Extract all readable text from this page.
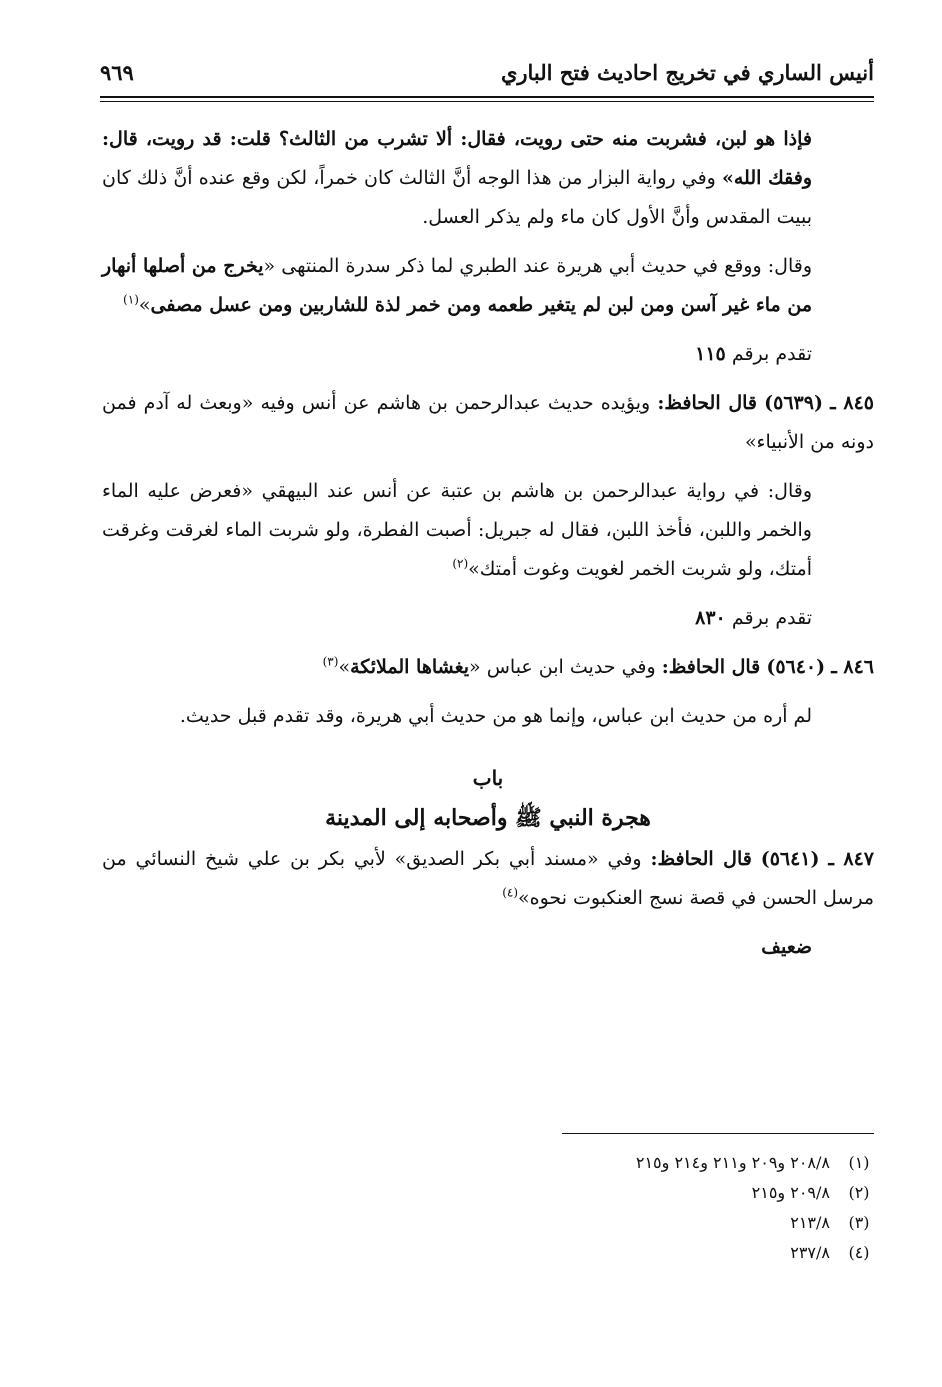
أنيس الساري في تخريج احاديث فتح الباري
٩٦٩

فإذا هو لبن، فشربت منه حتى رويت، فقال: ألا تشرب من الثالث؟ قلت: قد رويت، قال: وفقك الله» وفي رواية البزار من هذا الوجه أنَّ الثالث كان خمراً، لكن وقع عنده أنَّ ذلك كان ببيت المقدس وأنَّ الأول كان ماء ولم يذكر العسل.

وقال: ووقع في حديث أبي هريرة عند الطبري لما ذكر سدرة المنتهى «يخرج من أصلها أنهار من ماء غير آسن ومن لبن لم يتغير طعمه ومن خمر لذة للشاربين ومن عسل مصفى»$^{(١)}$

تقدم برقم ١١٥

٨٤٥ ـ (٥٦٣٩) قال الحافظ: ويؤيده حديث عبدالرحمن بن هاشم عن أنس وفيه «وبعث له آدم فمن دونه من الأنبياء»

وقال: في رواية عبدالرحمن بن هاشم بن عتبة عن أنس عند البيهقي «فعرض عليه الماء والخمر واللبن، فأخذ اللبن، فقال له جبريل: أصبت الفطرة، ولو شربت الماء لغرقت وغرقت أمتك، ولو شربت الخمر لغويت وغوت أمتك»$^{(٢)}$

تقدم برقم ٨٣٠

٨٤٦ ـ (٥٦٤٠) قال الحافظ: وفي حديث ابن عباس «يغشاها الملائكة»$^{(٣)}$

لم أره من حديث ابن عباس، وإنما هو من حديث أبي هريرة، وقد تقدم قبل حديث.

باب
هجرة النبي ﷺ وأصحابه إلى المدينة

٨٤٧ ـ (٥٦٤١) قال الحافظ: وفي «مسند أبي بكر الصديق» لأبي بكر بن علي شيخ النسائي من مرسل الحسن في قصة نسج العنكبوت نحوه»$^{(٤)}$

ضعيف

(١)
٢٠٨/٨ و٢٠٩ و٢١١ و٢١٤ و٢١٥
(٢)
٢٠٩/٨ و٢١٥
(٣)
٢١٣/٨
(٤)
٢٣٧/٨
